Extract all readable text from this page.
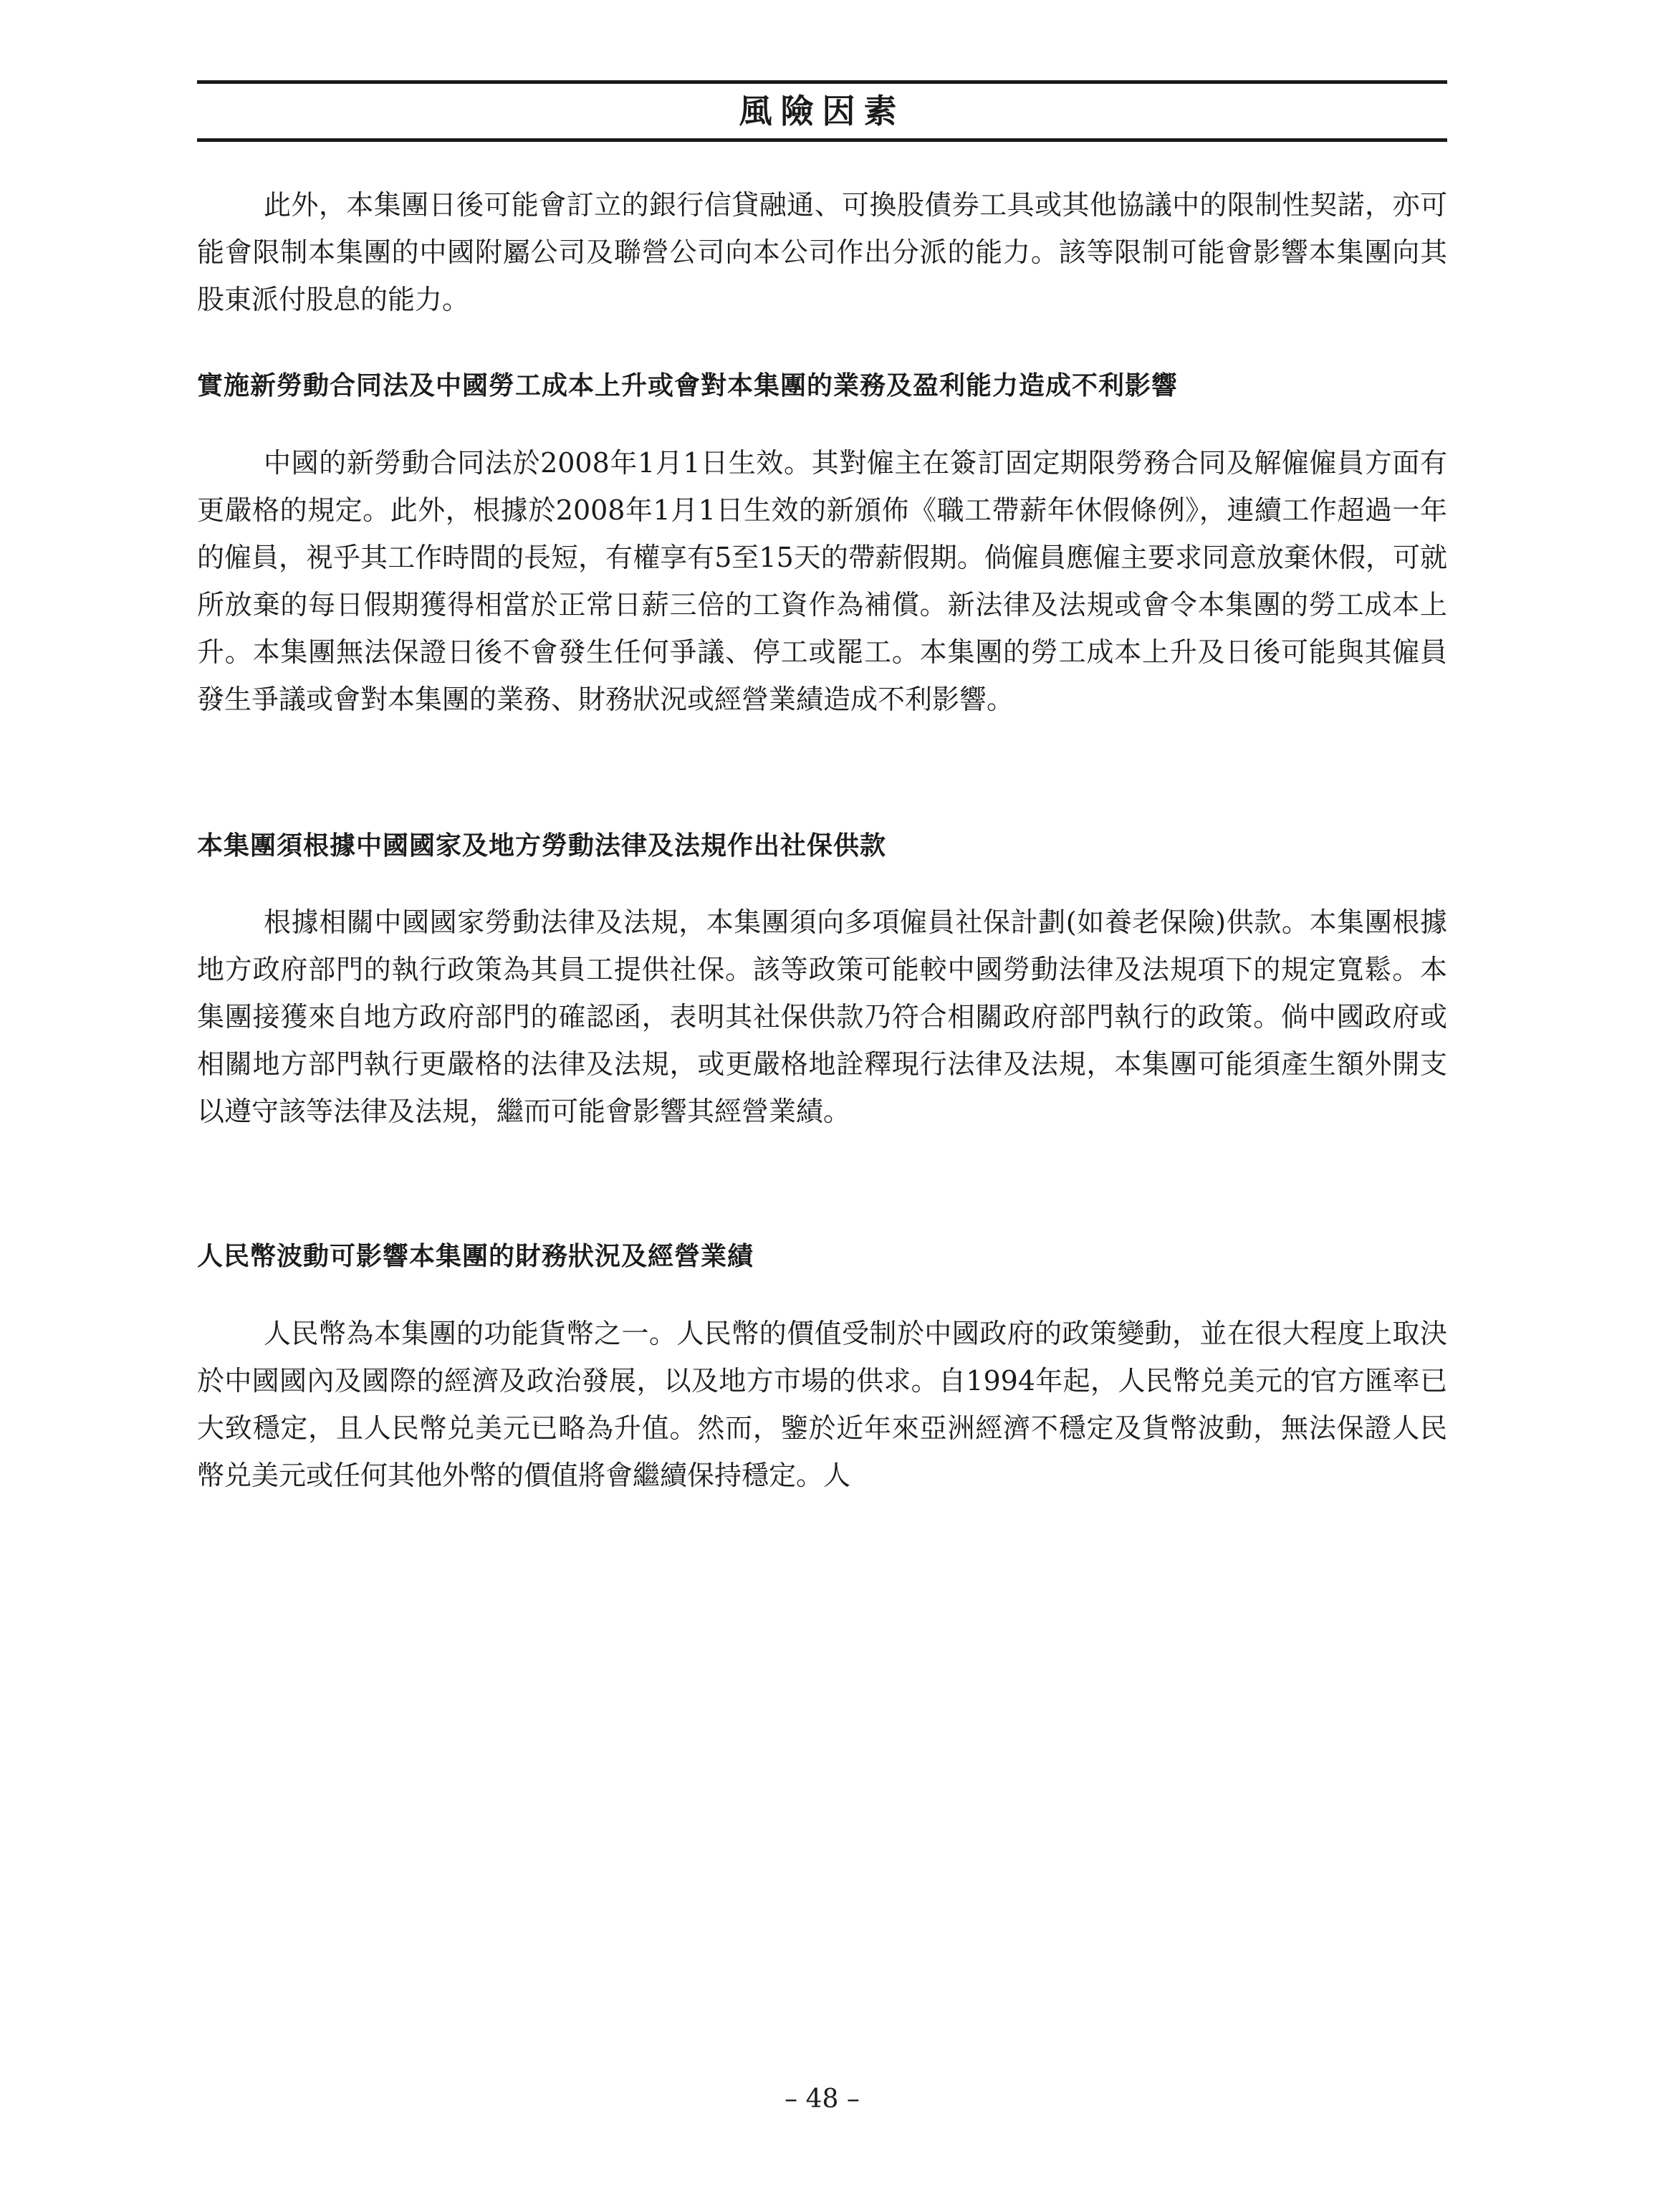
風險因素

此外，本集團日後可能會訂立的銀行信貸融通、可換股債券工具或其他協議中的限制性契諾，亦可能會限制本集團的中國附屬公司及聯營公司向本公司作出分派的能力。該等限制可能會影響本集團向其股東派付股息的能力。

實施新勞動合同法及中國勞工成本上升或會對本集團的業務及盈利能力造成不利影響

中國的新勞動合同法於2008年1月1日生效。其對僱主在簽訂固定期限勞務合同及解僱僱員方面有更嚴格的規定。此外，根據於2008年1月1日生效的新頒佈《職工帶薪年休假條例》，連續工作超過一年的僱員，視乎其工作時間的長短，有權享有5至15天的帶薪假期。倘僱員應僱主要求同意放棄休假，可就所放棄的每日假期獲得相當於正常日薪三倍的工資作為補償。新法律及法規或會令本集團的勞工成本上升。本集團無法保證日後不會發生任何爭議、停工或罷工。本集團的勞工成本上升及日後可能與其僱員發生爭議或會對本集團的業務、財務狀況或經營業績造成不利影響。

本集團須根據中國國家及地方勞動法律及法規作出社保供款

根據相關中國國家勞動法律及法規，本集團須向多項僱員社保計劃(如養老保險)供款。本集團根據地方政府部門的執行政策為其員工提供社保。該等政策可能較中國勞動法律及法規項下的規定寬鬆。本集團接獲來自地方政府部門的確認函，表明其社保供款乃符合相關政府部門執行的政策。倘中國政府或相關地方部門執行更嚴格的法律及法規，或更嚴格地詮釋現行法律及法規，本集團可能須產生額外開支以遵守該等法律及法規，繼而可能會影響其經營業績。

人民幣波動可影響本集團的財務狀況及經營業績

人民幣為本集團的功能貨幣之一。人民幣的價值受制於中國政府的政策變動，並在很大程度上取決於中國國內及國際的經濟及政治發展，以及地方市場的供求。自1994年起，人民幣兑美元的官方匯率已大致穩定，且人民幣兑美元已略為升值。然而，鑒於近年來亞洲經濟不穩定及貨幣波動，無法保證人民幣兑美元或任何其他外幣的價值將會繼續保持穩定。人

– 48 –
